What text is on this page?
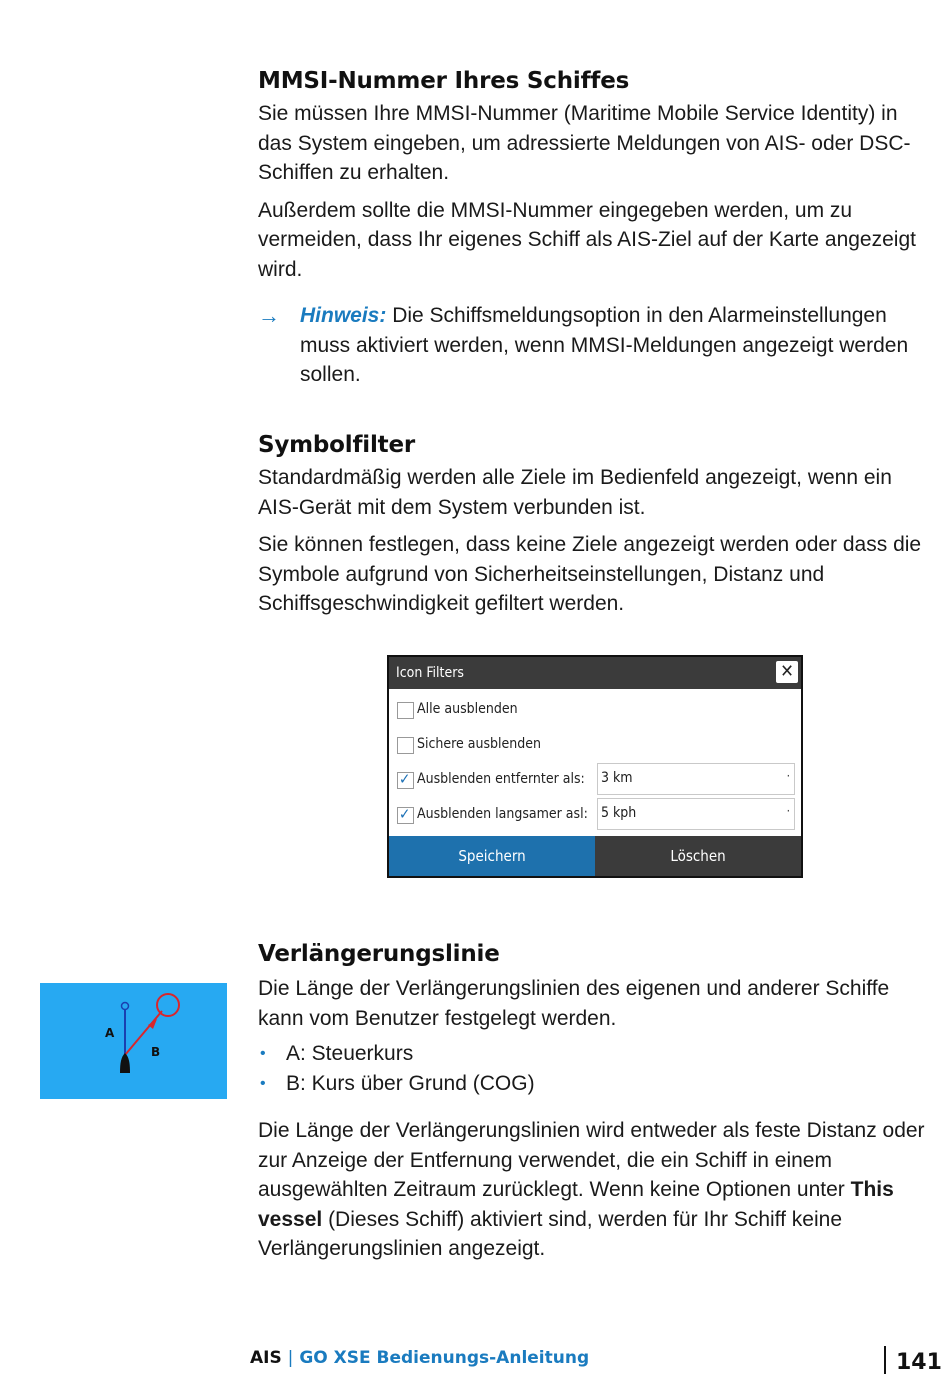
MMSI-Nummer Ihres Schiffes

Sie müssen Ihre MMSI-Nummer (Maritime Mobile Service Identity) in das System eingeben, um adressierte Meldungen von AIS- oder DSC-Schiffen zu erhalten.

Außerdem sollte die MMSI-Nummer eingegeben werden, um zu vermeiden, dass Ihr eigenes Schiff als AIS-Ziel auf der Karte angezeigt wird.

→ Hinweis: Die Schiffsmeldungsoption in den Alarmeinstellungen muss aktiviert werden, wenn MMSI-Meldungen angezeigt werden sollen.
Symbolfilter

Standardmäßig werden alle Ziele im Bedienfeld angezeigt, wenn ein AIS-Gerät mit dem System verbunden ist.

Sie können festlegen, dass keine Ziele angezeigt werden oder dass die Symbole aufgrund von Sicherheitseinstellungen, Distanz und Schiffsgeschwindigkeit gefiltert werden.

Icon Filters	✕
Alle ausblenden
Sichere ausblenden
✓ Ausblenden entfernter als: 3 km	·
✓ Ausblenden langsamer asl: 5 kph	·
Speichern	Löschen
A
B
Verlängerungslinie

Die Länge der Verlängerungslinien des eigenen und anderer Schiffe kann vom Benutzer festgelegt werden.

• A: Steuerkurs
• B: Kurs über Grund (COG)

Die Länge der Verlängerungslinien wird entweder als feste Distanz oder zur Anzeige der Entfernung verwendet, die ein Schiff in einem ausgewählten Zeitraum zurücklegt. Wenn keine Optionen unter This vessel (Dieses Schiff) aktiviert sind, werden für Ihr Schiff keine Verlängerungslinien angezeigt.

AIS | GO XSE Bedienungs-Anleitung	141
